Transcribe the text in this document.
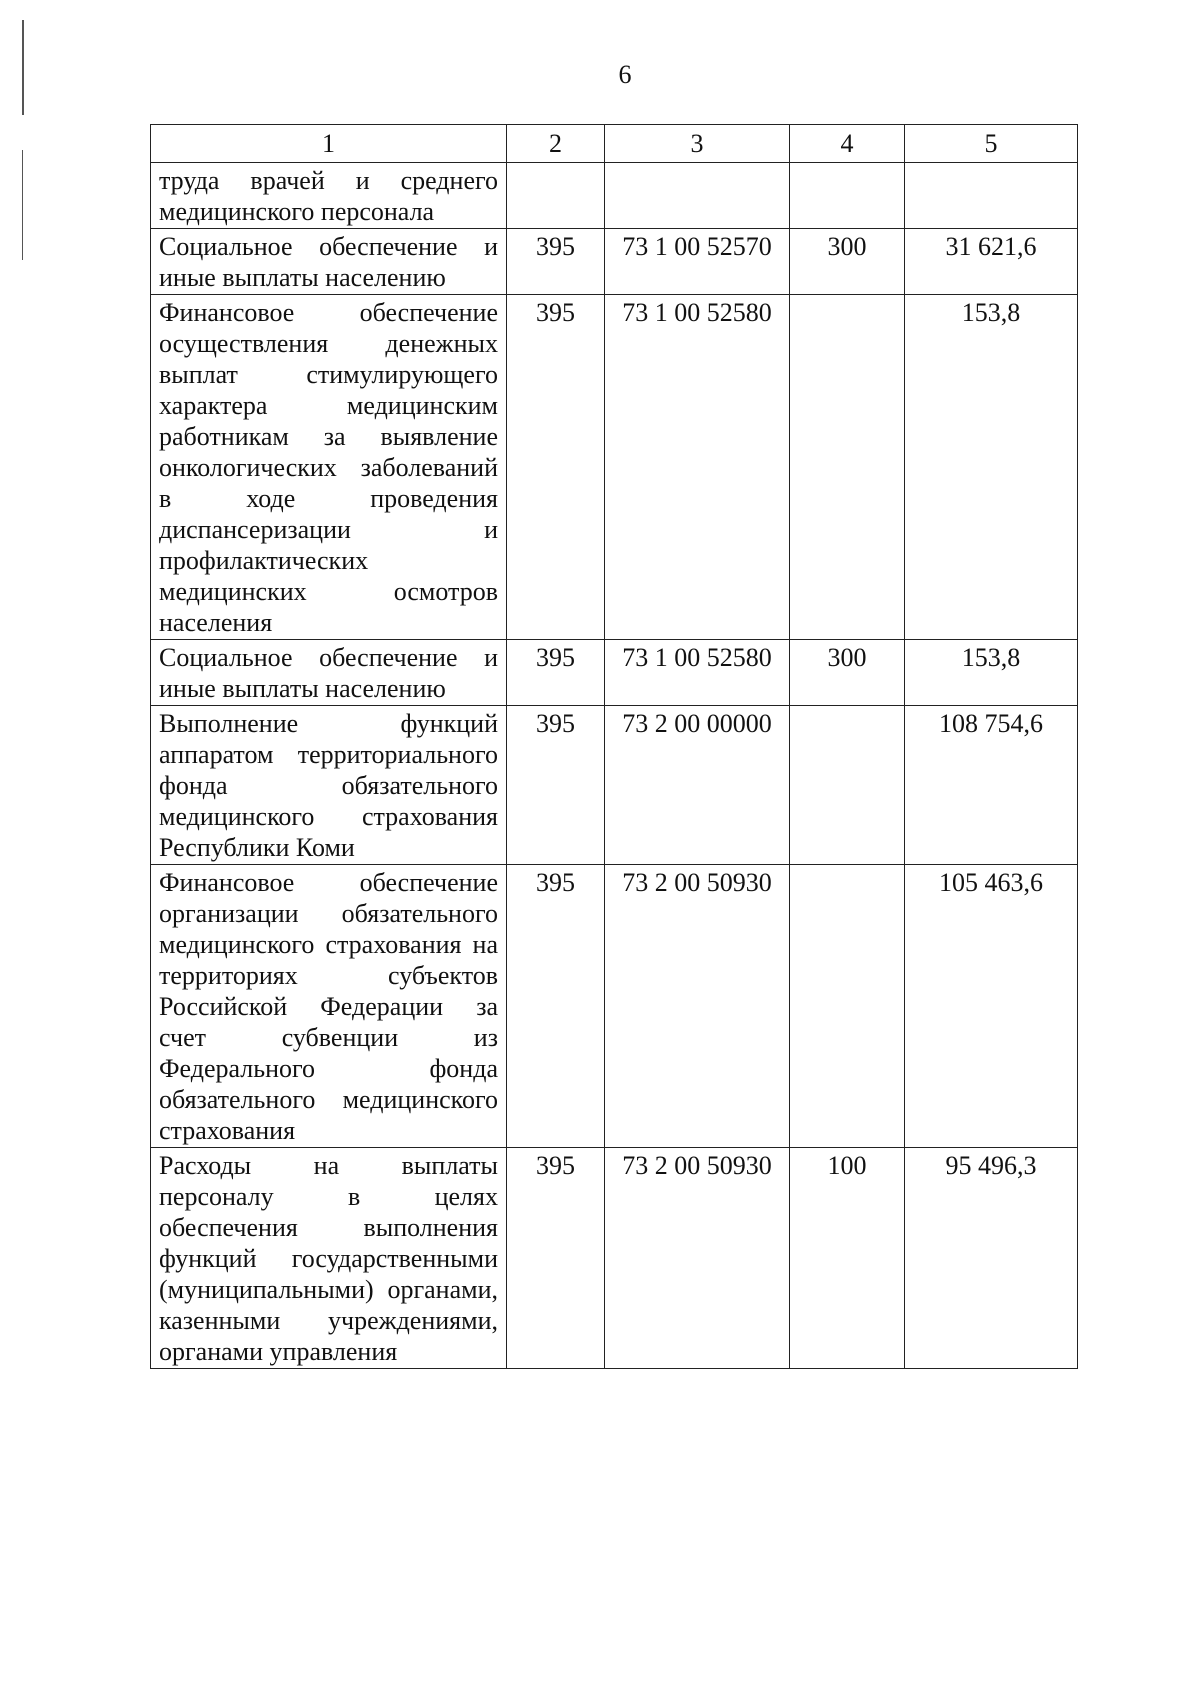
6
1	2	3	4	5
труда врачей и среднего медицинского персонала				
Социальное обеспечение и иные выплаты населению	395	73 1 00 52570	300	31 621,6
Финансовое обеспечение осуществления денежных выплат стимулирующего характера медицинским работникам за выявление онкологических заболеваний в ходе проведения диспансеризации и профилактических медицинских осмотров населения	395	73 1 00 52580		153,8
Социальное обеспечение и иные выплаты населению	395	73 1 00 52580	300	153,8
Выполнение функций аппаратом территориального фонда обязательного медицинского страхования Республики Коми	395	73 2 00 00000		108 754,6
Финансовое обеспечение организации обязательного медицинского страхования на территориях субъектов Российской Федерации за счет субвенции из Федерального фонда обязательного медицинского страхования	395	73 2 00 50930		105 463,6
Расходы на выплаты персоналу в целях обеспечения выполнения функций государственными (муниципальными) органами, казенными учреждениями, органами управления	395	73 2 00 50930	100	95 496,3
